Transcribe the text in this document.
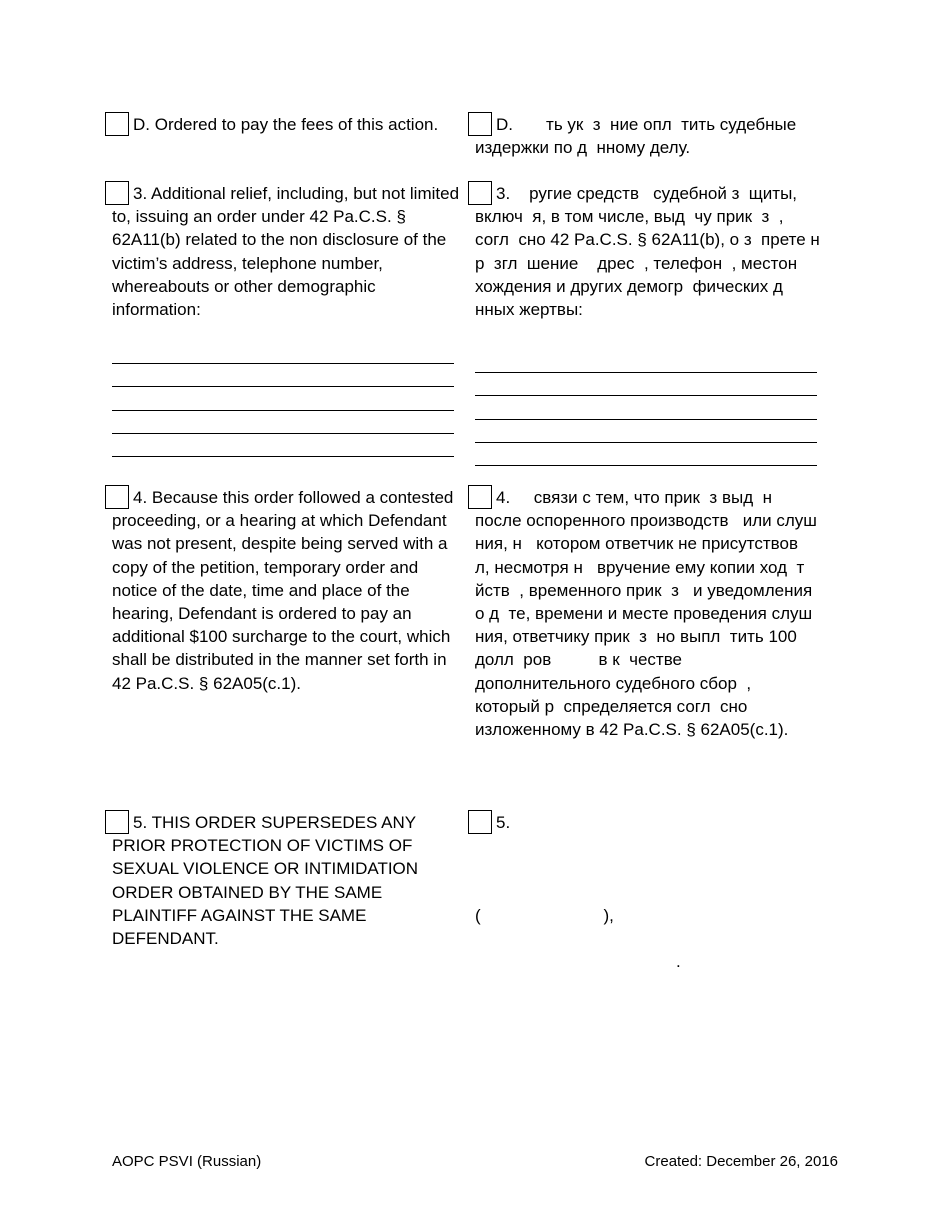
D. Ordered to pay the fees of this action.
3. Additional relief, including, but not limited to, issuing an order under 42 Pa.C.S. § 62A11(b) related to the non disclosure of the victim’s address, telephone number, whereabouts or other demographic information:
4. Because this order followed a contested proceeding, or a hearing at which Defendant was not present, despite being served with a copy of the petition, temporary order and notice of the date, time and place of the hearing, Defendant is ordered to pay an additional $100 surcharge to the court, which shall be distributed in the manner set forth in 42 Pa.C.S. § 62A05(c.1).
5. THIS ORDER SUPERSEDES ANY PRIOR PROTECTION OF VICTIMS OF SEXUAL VIOLENCE OR INTIMIDATION ORDER OBTAINED BY THE SAME PLAINTIFF AGAINST THE SAME DEFENDANT.
D.       ть ук  з  ние опл  тить судебные издержки по д  нному делу.
3.    ругие средств   судебной з  щиты, включ  я, в том числе, выд  чу прик  з  , согл  сно 42 Pa.C.S. § 62A11(b), о з  прете н   р  згл  шение    дрес  , телефон  , местон  хождения и других демогр  фических д  нных жертвы:
4.     связи с тем, что прик  з выд  н после оспоренного производств   или слуш  ния, н   котором ответчик не присутствов  л, несмотря н   вручение ему копии ход  т  йств  , временного прик  з   и уведомления о д  те, времени и месте проведения слуш  ния, ответчику прик  з  но выпл  тить 100 долл  ров          в к  честве дополнительного судебного сбор  , который р  спределяется согл  сно изложенному в 42 Pa.C.S. § 62A05(c.1).
5.
(                          ),
.
AOPC PSVI (Russian)	Created: December 26, 2016
